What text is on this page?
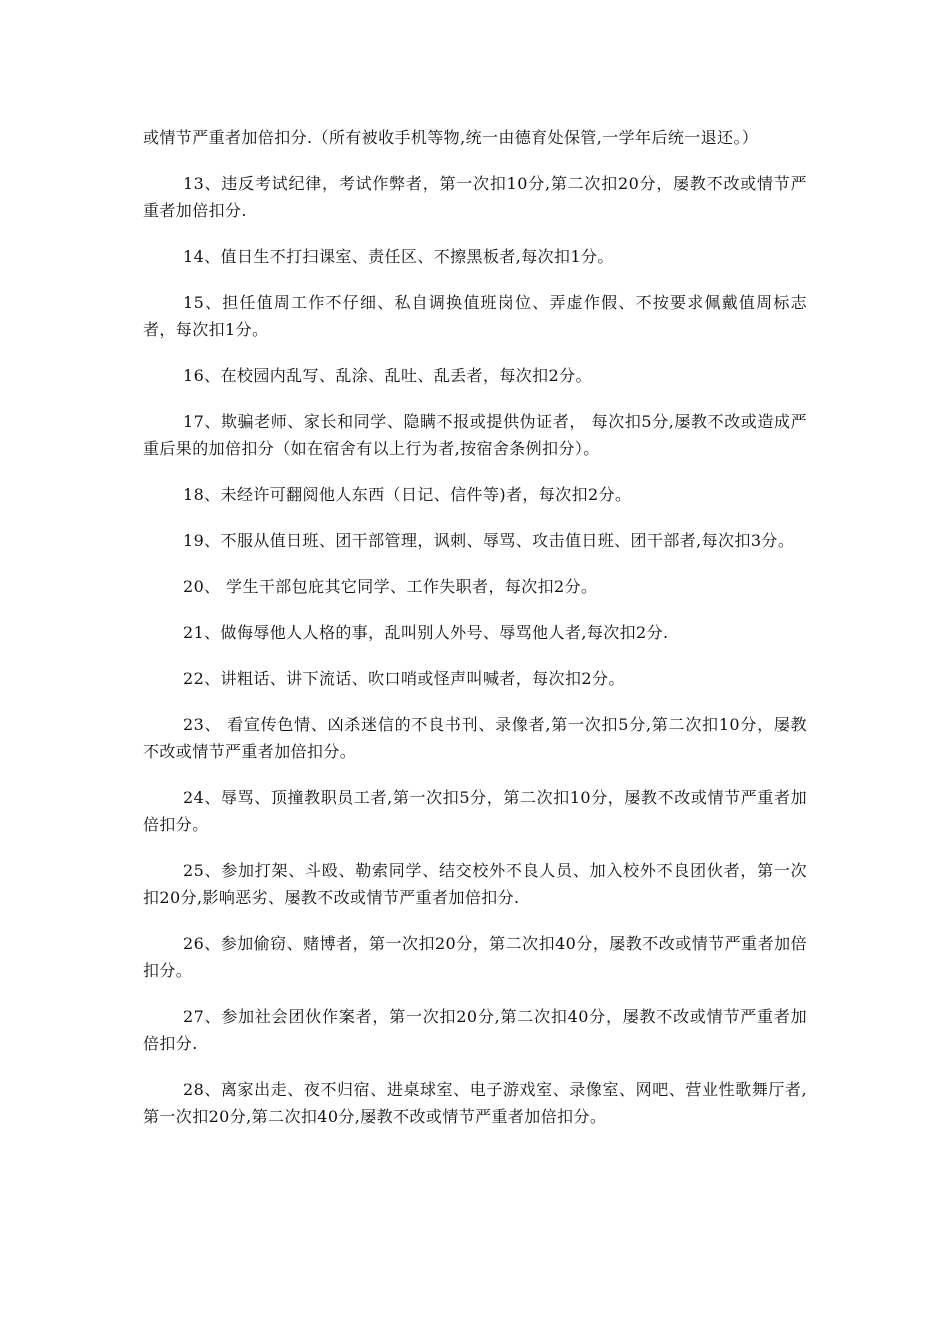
或情节严重者加倍扣分.（所有被收手机等物,统一由德育处保管,一学年后统一退还。）

13、违反考试纪律，考试作弊者，第一次扣10分,第二次扣20分，屡教不改或情节严重者加倍扣分.

14、值日生不打扫课室、责任区、不擦黑板者,每次扣1分。

15、担任值周工作不仔细、私自调换值班岗位、弄虚作假、不按要求佩戴值周标志者，每次扣1分。

16、在校园内乱写、乱涂、乱吐、乱丢者，每次扣2分。

17、欺骗老师、家长和同学、隐瞒不报或提供伪证者， 每次扣5分,屡教不改或造成严重后果的加倍扣分（如在宿舍有以上行为者,按宿舍条例扣分）。

18、未经许可翻阅他人东西（日记、信件等)者，每次扣2分。

19、不服从值日班、团干部管理，讽刺、辱骂、攻击值日班、团干部者,每次扣3分。

20、 学生干部包庇其它同学、工作失职者，每次扣2分。

21、做侮辱他人人格的事，乱叫别人外号、辱骂他人者,每次扣2分.

22、讲粗话、讲下流话、吹口哨或怪声叫喊者，每次扣2分。

23、 看宣传色情、凶杀迷信的不良书刊、录像者,第一次扣5分,第二次扣10分，屡教不改或情节严重者加倍扣分。

24、辱骂、顶撞教职员工者,第一次扣5分，第二次扣10分，屡教不改或情节严重者加倍扣分。

25、参加打架、斗殴、勒索同学、结交校外不良人员、加入校外不良团伙者，第一次扣20分,影响恶劣、屡教不改或情节严重者加倍扣分.

26、参加偷窃、赌博者，第一次扣20分，第二次扣40分，屡教不改或情节严重者加倍扣分。

27、参加社会团伙作案者，第一次扣20分,第二次扣40分，屡教不改或情节严重者加倍扣分.

28、离家出走、夜不归宿、进桌球室、电子游戏室、录像室、网吧、营业性歌舞厅者,第一次扣20分,第二次扣40分,屡教不改或情节严重者加倍扣分。
